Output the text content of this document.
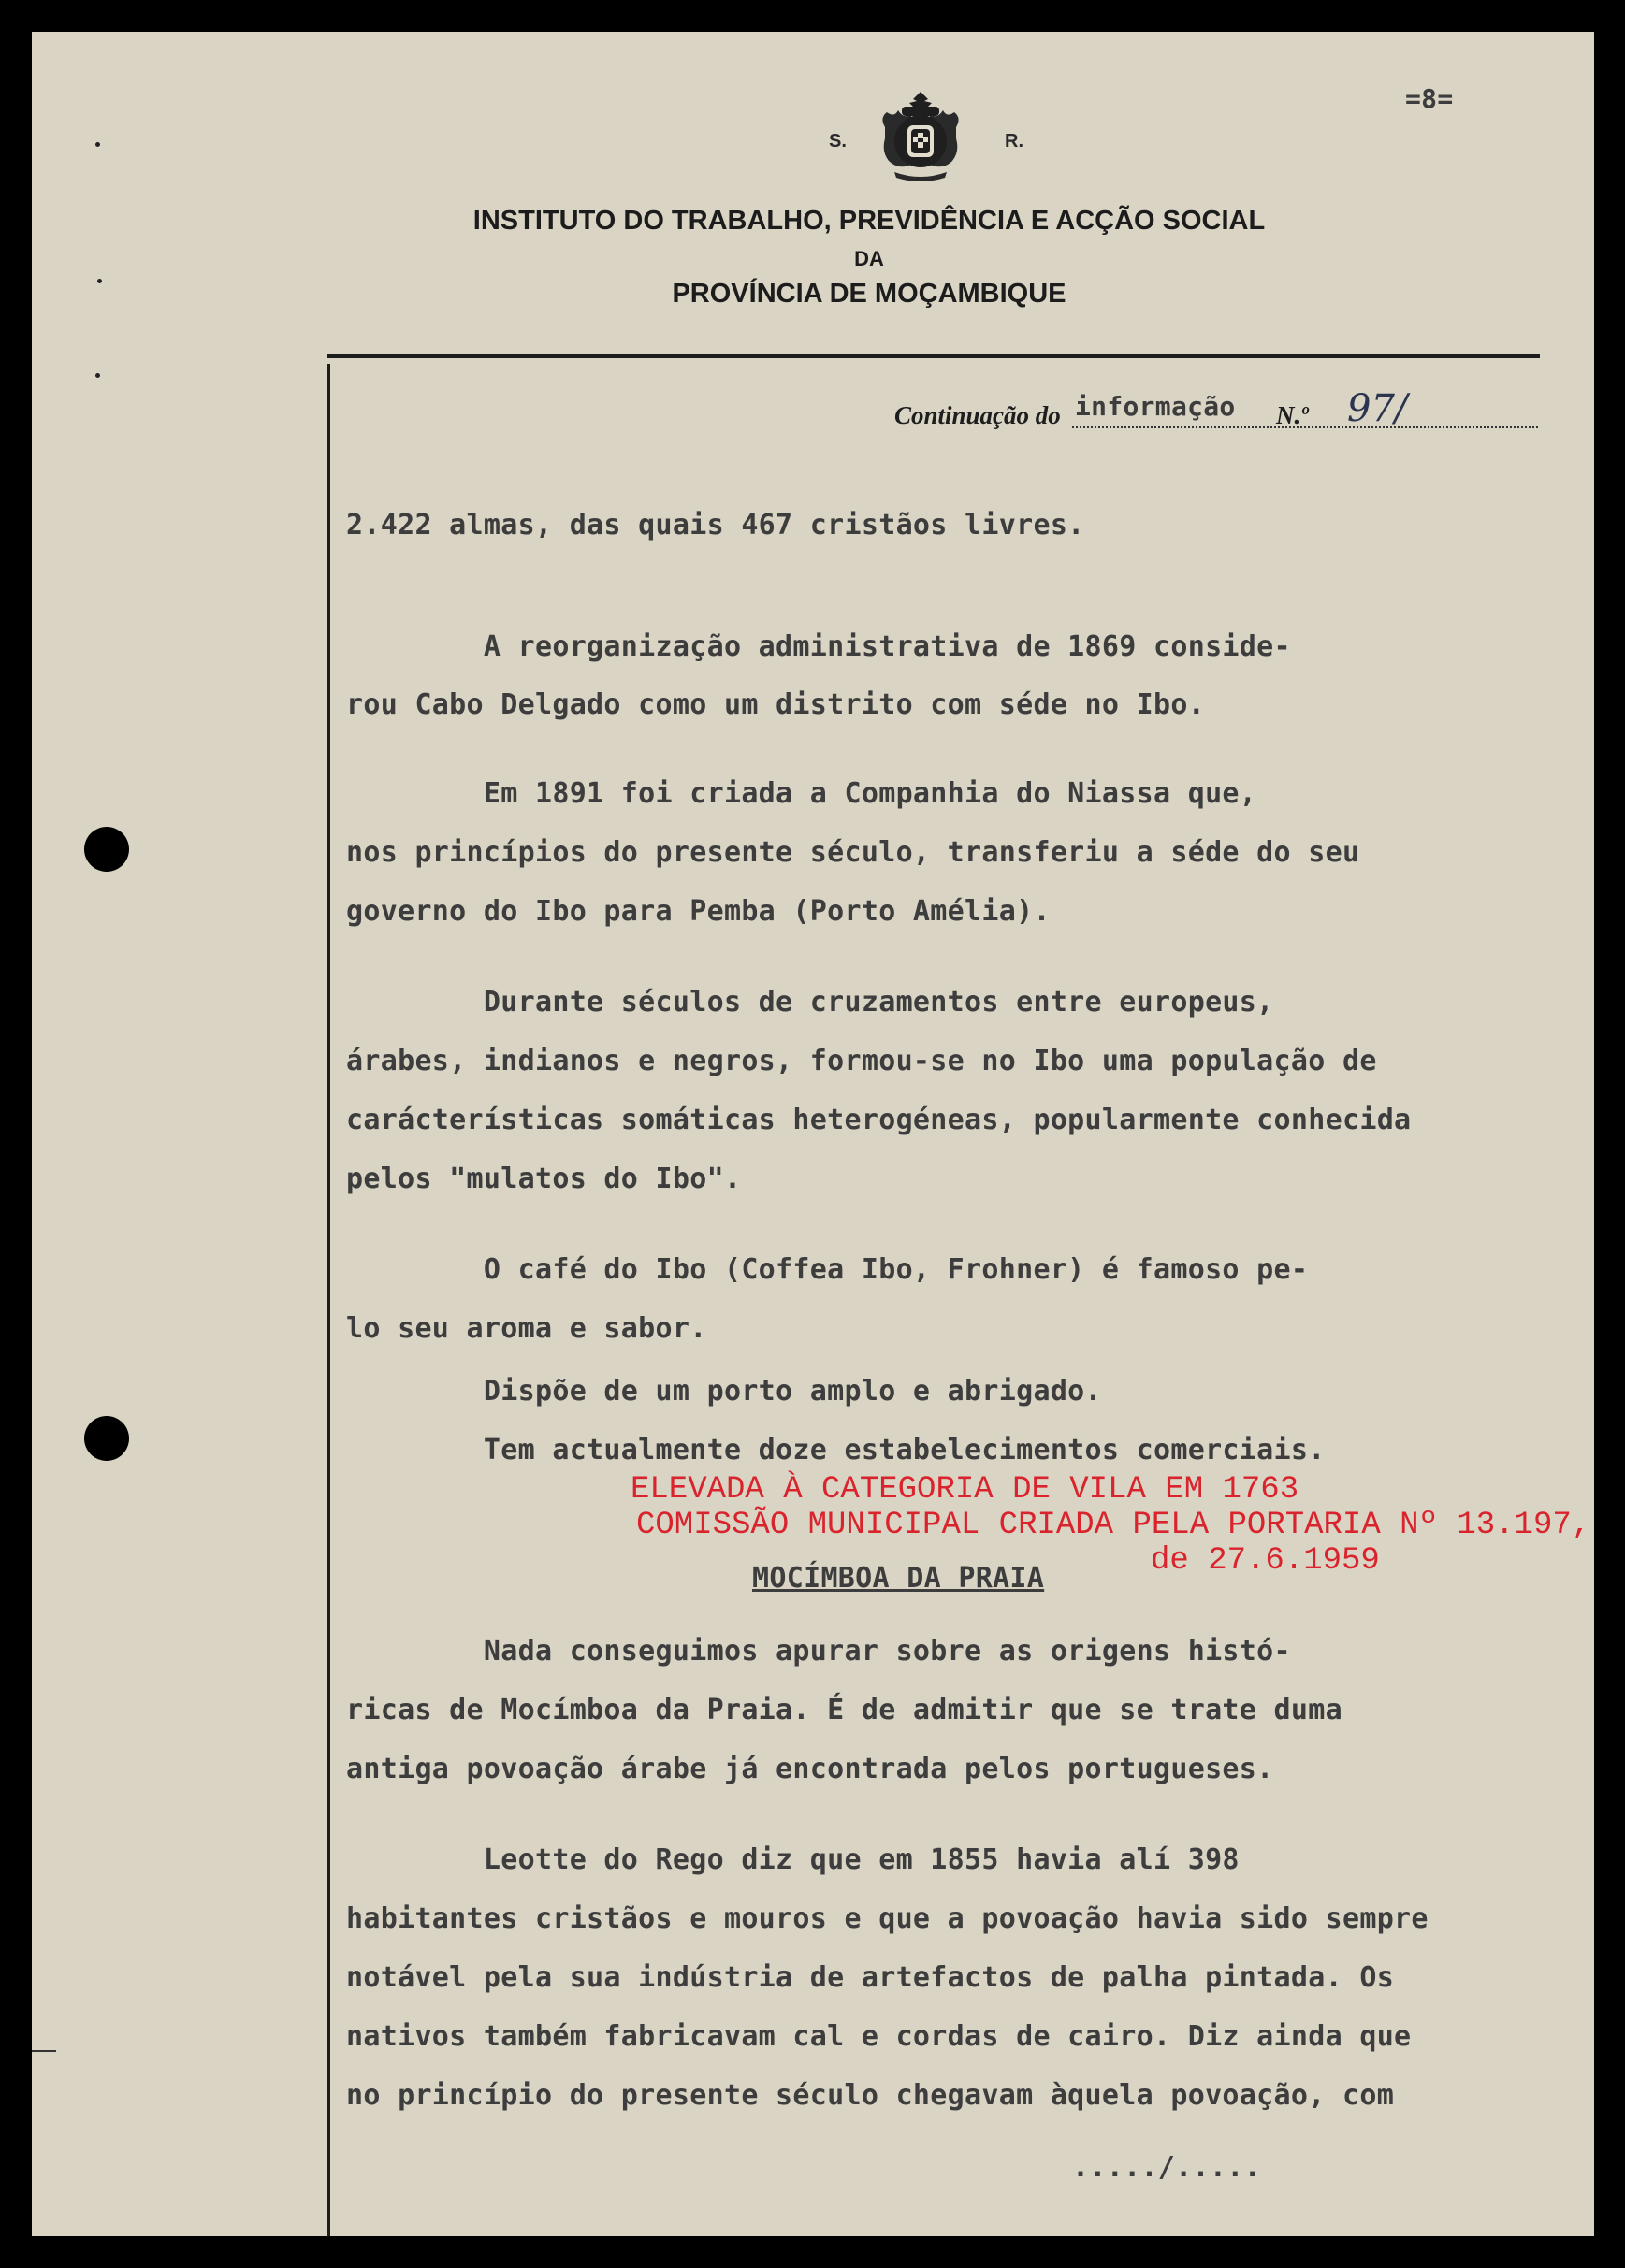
=8=
S.	R.
INSTITUTO DO TRABALHO, PREVIDÊNCIA E ACÇÃO SOCIAL
DA
PROVÍNCIA DE MOÇAMBIQUE
Continuação do informação N.º 97/
2.422 almas, das quais 467 cristãos livres.
A reorganização administrativa de 1869 conside-
rou Cabo Delgado como um distrito com séde no Ibo.
Em 1891 foi criada a Companhia do Niassa que,
nos princípios do presente século, transferiu a séde do seu
governo do Ibo para Pemba (Porto Amélia).
Durante séculos de cruzamentos entre europeus,
árabes, indianos e negros, formou-se no Ibo uma população de
carácterísticas somáticas heterogéneas, popularmente conhecida
pelos "mulatos do Ibo".
O café do Ibo (Coffea Ibo, Frohner) é famoso pe-
lo seu aroma e sabor.
Dispõe de um porto amplo e abrigado.
Tem actualmente doze estabelecimentos comerciais.
ELEVADA À CATEGORIA DE VILA EM 1763
COMISSÃO MUNICIPAL CRIADA PELA PORTARIA Nº 13.197,
de 27.6.1959
MOCÍMBOA DA PRAIA
Nada conseguimos apurar sobre as origens histó-
ricas de Mocímboa da Praia. É de admitir que se trate duma
antiga povoação árabe já encontrada pelos portugueses.
Leotte do Rego diz que em 1855 havia alí 398
habitantes cristãos e mouros e que a povoação havia sido sempre
notável pela sua indústria de artefactos de palha pintada. Os
nativos também fabricavam cal e cordas de cairo. Diz ainda que
no princípio do presente século chegavam àquela povoação, com
...../.....
